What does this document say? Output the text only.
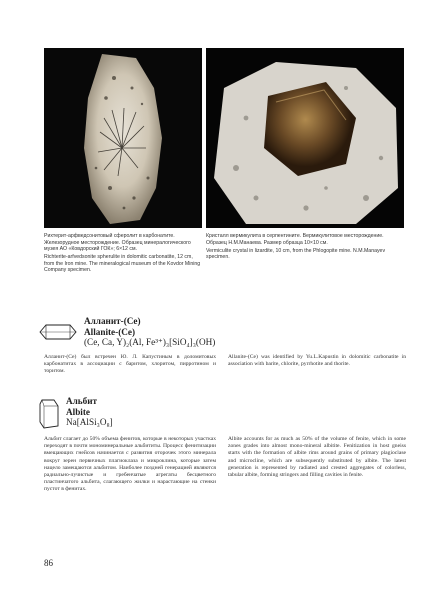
Рихтерит-арфведсонитовый сферолит в карбонатите. Железорудное месторождение. Образец минералогического музея АО «Ковдорский ГОК»; 6×12 см.

Richterite-arfvedsonite spherulite in dolomitic carbonatite, 12 cm, from the Iron mine. The mineralogical museum of the Kovdor Mining Company specimen.

Кристалл вермикулита в серпентините. Вермикулитовое месторождение. Образец Н.М.Манаева. Размер образца 10×10 см.

Vermiculite crystal in lizardite, 10 cm, from the Phlogopite mine. N.M.Manayev specimen.

Алланит-(Ce)
Allanite-(Ce)
(Ce, Ca, Y)₂(Al, Fe³⁺)₃[SiO₄]₃(OH)

Алланит-(Се) был встречен Ю. Л. Капустиным в доломитовых карбонатитах в ассоциации с баритом, хлоритом, пирротином и торитом.

Allanite-(Ce) was identified by Yu.L.Kapustin in dolomitic carbonatite in association with barite, chlorite, pyrrhotite and thorite.

Альбит
Albite
Na[AlSi₃O₈]

Альбит слагает до 50% объема фенитов, которые в некоторых участках переходят в почти мономинеральные альбититы. Процесс фенитизации вмещающих гнейсов начинается с развития оторочек этого минерала вокруг зерен первичных плагиоклаза и микроклина, которые затем нацело замещаются альбитом. Наиболее поздней генерацией являются радиально-лучистые и гребенчатые агрегаты бесцветного пластинчатого альбита, слагающего жилки и нарастающие на стенки пустот в фенитах.

Albite accounts for as much as 50% of the volume of fenite, which in some zones grades into almost mono-mineral albitite. Fenitization in host gneiss starts with the formation of albite rims around grains of primary plagioclase and microcline, which are subsequently substituted by albite. The latest generation is represented by radiated and crested aggregates of colorless, tabular albite, forming stringers and filling cavities in fenite.

86
